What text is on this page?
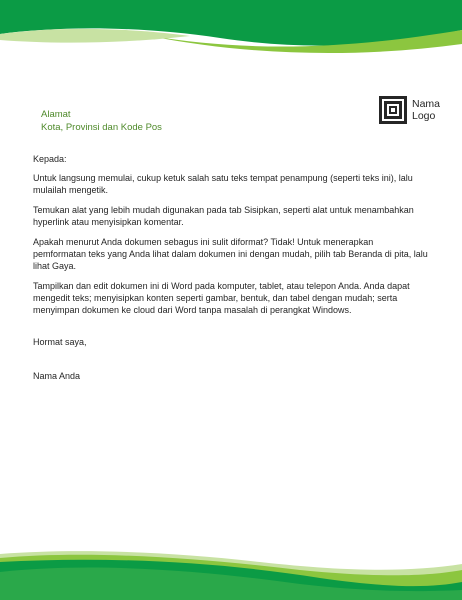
Alamat
Kota, Provinsi dan Kode Pos
Nama
Logo

Kepada:

Untuk langsung memulai, cukup ketuk salah satu teks tempat penampung (seperti teks ini), lalu mulailah mengetik.

Temukan alat yang lebih mudah digunakan pada tab Sisipkan, seperti alat untuk menambahkan hyperlink atau menyisipkan komentar.

Apakah menurut Anda dokumen sebagus ini sulit diformat? Tidak! Untuk menerapkan pemformatan teks yang Anda lihat dalam dokumen ini dengan mudah, pilih tab Beranda di pita, lalu lihat Gaya.

Tampilkan dan edit dokumen ini di Word pada komputer, tablet, atau telepon Anda. Anda dapat mengedit teks; menyisipkan konten seperti gambar, bentuk, dan tabel dengan mudah; serta menyimpan dokumen ke cloud dari Word tanpa masalah di perangkat Windows.

Hormat saya,

Nama Anda
